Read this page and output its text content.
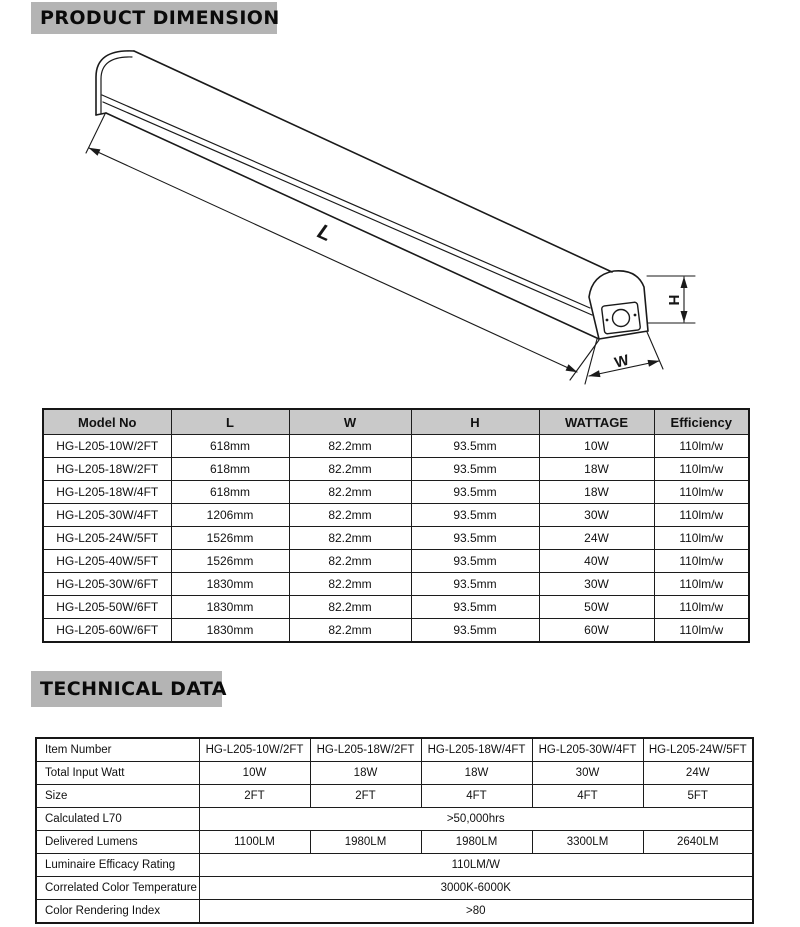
PRODUCT DIMENSION
L
W
H
Model No	L	W	H	WATTAGE	Efficiency
HG-L205-10W/2FT	618mm	82.2mm	93.5mm	10W	110lm/w
HG-L205-18W/2FT	618mm	82.2mm	93.5mm	18W	110lm/w
HG-L205-18W/4FT	618mm	82.2mm	93.5mm	18W	110lm/w
HG-L205-30W/4FT	1206mm	82.2mm	93.5mm	30W	110lm/w
HG-L205-24W/5FT	1526mm	82.2mm	93.5mm	24W	110lm/w
HG-L205-40W/5FT	1526mm	82.2mm	93.5mm	40W	110lm/w
HG-L205-30W/6FT	1830mm	82.2mm	93.5mm	30W	110lm/w
HG-L205-50W/6FT	1830mm	82.2mm	93.5mm	50W	110lm/w
HG-L205-60W/6FT	1830mm	82.2mm	93.5mm	60W	110lm/w
TECHNICAL DATA
Item Number	HG-L205-10W/2FT	HG-L205-18W/2FT	HG-L205-18W/4FT	HG-L205-30W/4FT	HG-L205-24W/5FT
Total Input Watt	10W	18W	18W	30W	24W
Size	2FT	2FT	4FT	4FT	5FT
Calculated L70	>50,000hrs				
Delivered Lumens	1100LM	1980LM	1980LM	3300LM	2640LM
Luminaire Efficacy Rating	110LM/W				
Correlated Color Temperature	3000K-6000K				
Color Rendering Index	>80				
